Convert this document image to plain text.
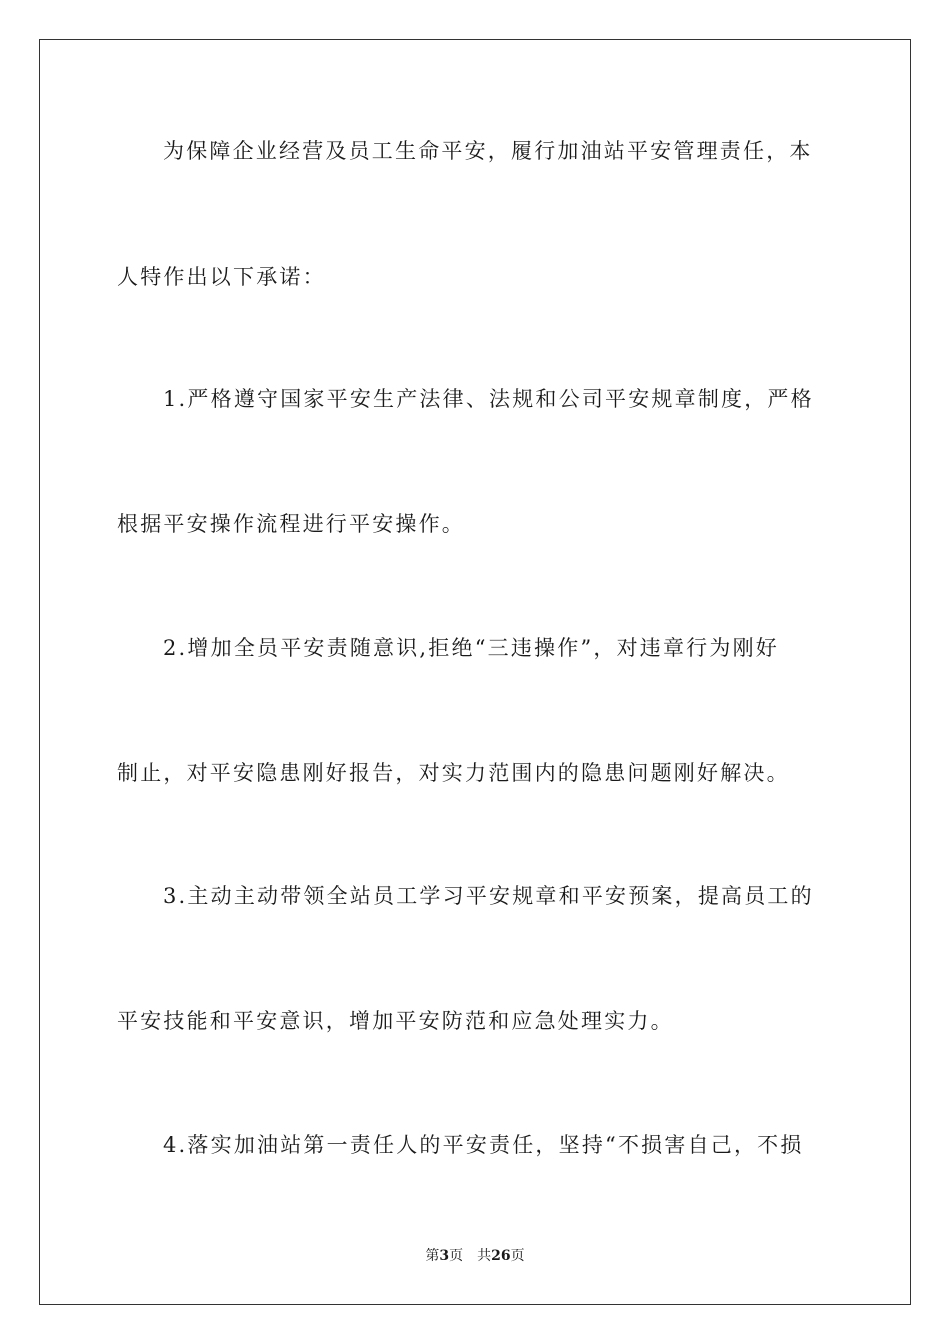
为保障企业经营及员工生命平安，履行加油站平安管理责任，本
人特作出以下承诺：
1.严格遵守国家平安生产法律、法规和公司平安规章制度，严格
根据平安操作流程进行平安操作。
2.增加全员平安责随意识,拒绝“三违操作”，对违章行为刚好
制止，对平安隐患刚好报告，对实力范围内的隐患问题刚好解决。
3.主动主动带领全站员工学习平安规章和平安预案，提高员工的
平安技能和平安意识，增加平安防范和应急处理实力。
4.落实加油站第一责任人的平安责任，坚持“不损害自己，不损
第3页 共26页
